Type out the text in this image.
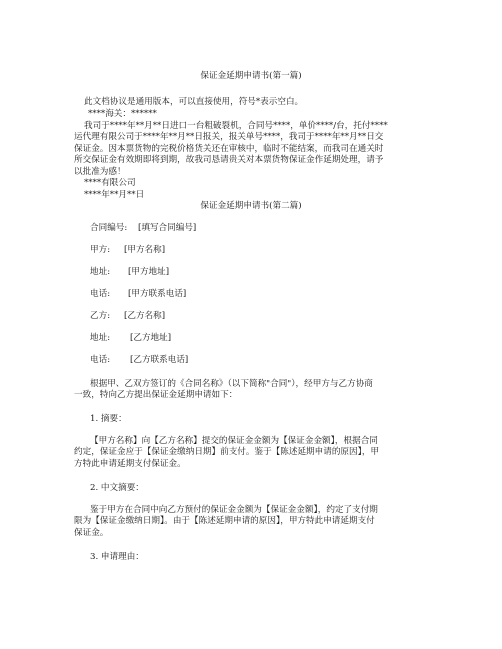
保证金延期申请书(第一篇)
此文档协议是通用版本，可以直接使用，符号*表示空白。
****海关：******
我司于****年**月**日进口一台粗破裂机，合同号****，单价****/台，托付****
运代理有限公司于****年**月**日报关，报关单号****，我司于****年**月**日交
保证金。因本票货物的完税价格货关还在审核中，临时不能结案，而我司在通关时
所交保证金有效期即将到期，故我司恳请贵关对本票货物保证金作延期处理，请予
以批准为感！
****有限公司
****年**月**日
保证金延期申请书(第二篇)
合同编号: [填写合同编号]
甲方: [甲方名称]
地址: [甲方地址]
电话: [甲方联系电话]
乙方: [乙方名称]
地址: [乙方地址]
电话: [乙方联系电话]
根据甲、乙双方签订的《合同名称》（以下简称"合同"），经甲方与乙方协商
一致，特向乙方提出保证金延期申请如下：
1. 摘要：
【甲方名称】向【乙方名称】提交的保证金金额为【保证金金额】，根据合同
约定，保证金应于【保证金缴纳日期】前支付。鉴于【陈述延期申请的原因】，甲
方特此申请延期支付保证金。
2. 中文摘要：
鉴于甲方在合同中向乙方预付的保证金金额为【保证金金额】，约定了支付期
限为【保证金缴纳日期】。由于【陈述延期申请的原因】，甲方特此申请延期支付
保证金。
3. 申请理由：
